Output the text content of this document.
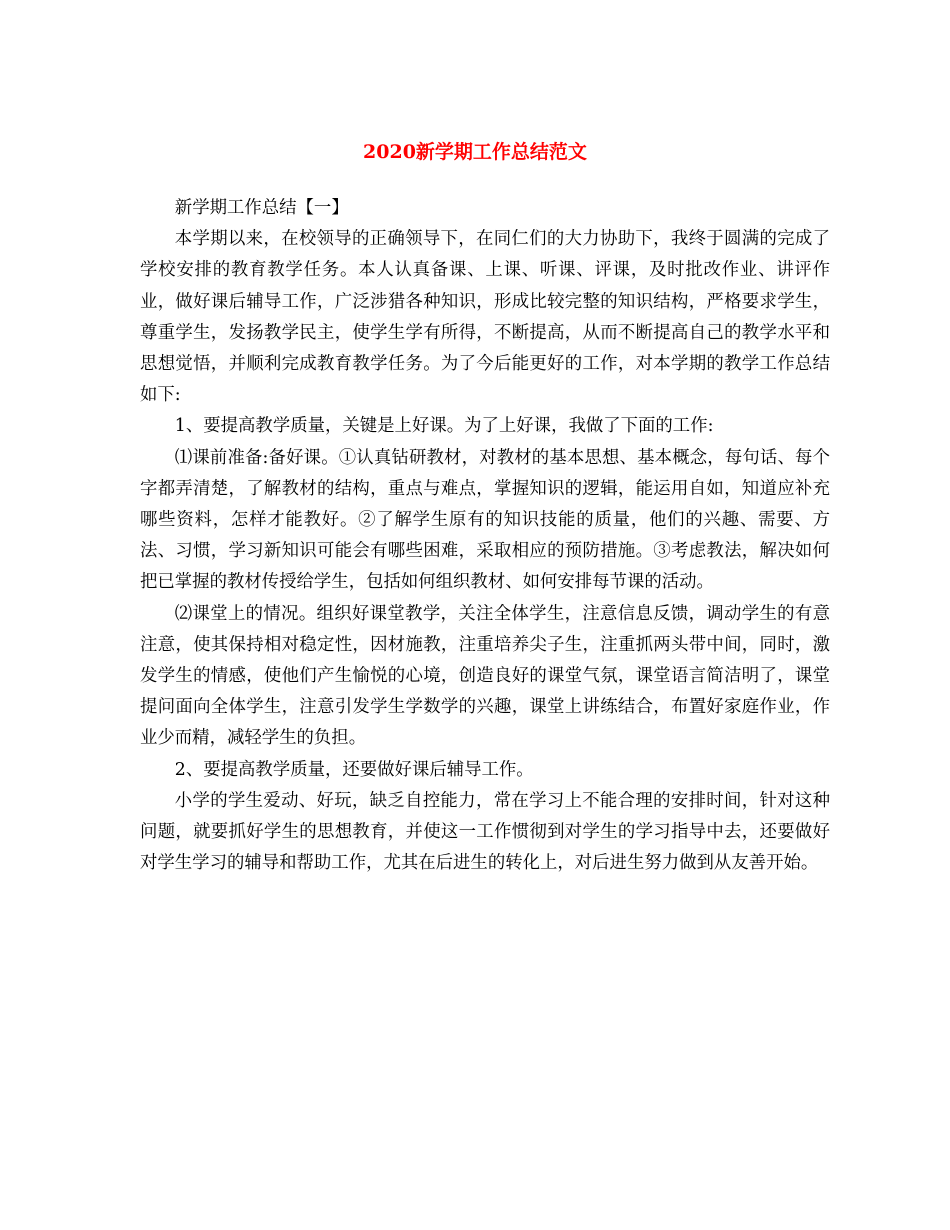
2020新学期工作总结范文

新学期工作总结【一】

本学期以来，在校领导的正确领导下，在同仁们的大力协助下，我终于圆满的完成了学校安排的教育教学任务。本人认真备课、上课、听课、评课，及时批改作业、讲评作业，做好课后辅导工作，广泛涉猎各种知识，形成比较完整的知识结构，严格要求学生，尊重学生，发扬教学民主，使学生学有所得，不断提高，从而不断提高自己的教学水平和思想觉悟，并顺利完成教育教学任务。为了今后能更好的工作，对本学期的教学工作总结如下:

1、要提高教学质量，关键是上好课。为了上好课，我做了下面的工作:

⑴课前准备:备好课。①认真钻研教材，对教材的基本思想、基本概念，每句话、每个字都弄清楚，了解教材的结构，重点与难点，掌握知识的逻辑，能运用自如，知道应补充哪些资料，怎样才能教好。②了解学生原有的知识技能的质量，他们的兴趣、需要、方法、习惯，学习新知识可能会有哪些困难，采取相应的预防措施。③考虑教法，解决如何把已掌握的教材传授给学生，包括如何组织教材、如何安排每节课的活动。

⑵课堂上的情况。组织好课堂教学，关注全体学生，注意信息反馈，调动学生的有意注意，使其保持相对稳定性，因材施教，注重培养尖子生，注重抓两头带中间，同时，激发学生的情感，使他们产生愉悦的心境，创造良好的课堂气氛，课堂语言简洁明了，课堂提问面向全体学生，注意引发学生学数学的兴趣，课堂上讲练结合，布置好家庭作业，作业少而精，减轻学生的负担。

2、要提高教学质量，还要做好课后辅导工作。

小学的学生爱动、好玩，缺乏自控能力，常在学习上不能合理的安排时间，针对这种问题，就要抓好学生的思想教育，并使这一工作惯彻到对学生的学习指导中去，还要做好对学生学习的辅导和帮助工作，尤其在后进生的转化上，对后进生努力做到从友善开始。
